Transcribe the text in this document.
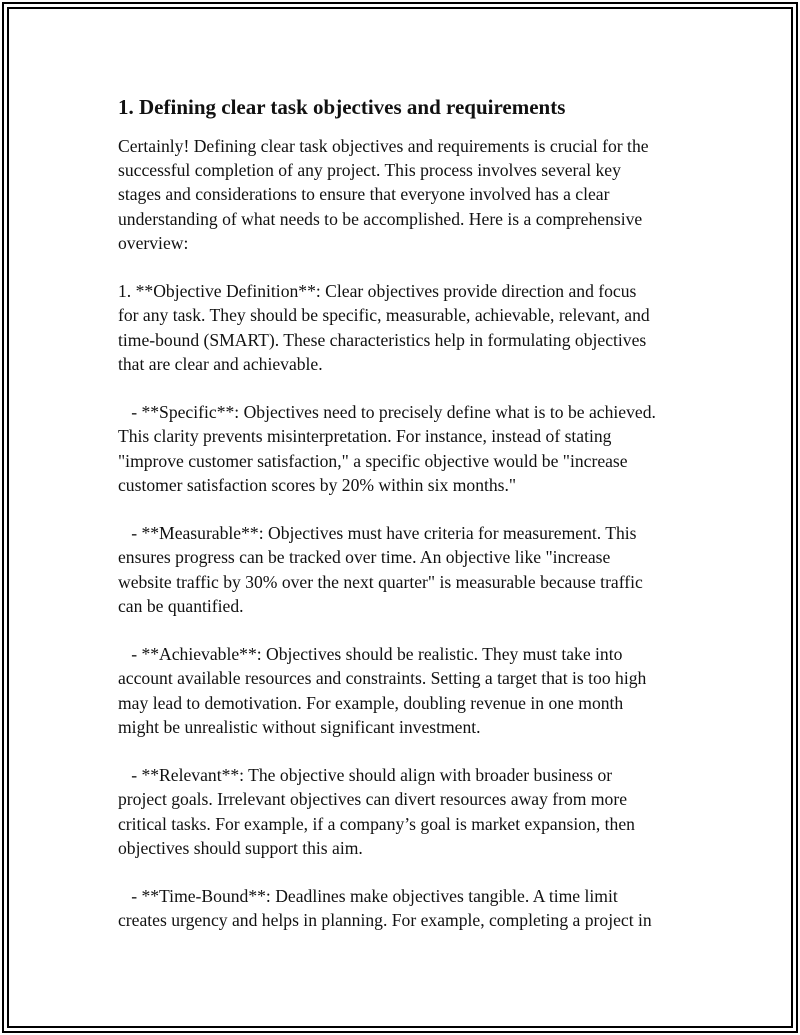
1. Defining clear task objectives and requirements
Certainly! Defining clear task objectives and requirements is crucial for the
successful completion of any project. This process involves several key
stages and considerations to ensure that everyone involved has a clear
understanding of what needs to be accomplished. Here is a comprehensive
overview:
1. **Objective Definition**: Clear objectives provide direction and focus
for any task. They should be specific, measurable, achievable, relevant, and
time-bound (SMART). These characteristics help in formulating objectives
that are clear and achievable.
- **Specific**: Objectives need to precisely define what is to be achieved.
This clarity prevents misinterpretation. For instance, instead of stating
"improve customer satisfaction," a specific objective would be "increase
customer satisfaction scores by 20% within six months."
- **Measurable**: Objectives must have criteria for measurement. This
ensures progress can be tracked over time. An objective like "increase
website traffic by 30% over the next quarter" is measurable because traffic
can be quantified.
- **Achievable**: Objectives should be realistic. They must take into
account available resources and constraints. Setting a target that is too high
may lead to demotivation. For example, doubling revenue in one month
might be unrealistic without significant investment.
- **Relevant**: The objective should align with broader business or
project goals. Irrelevant objectives can divert resources away from more
critical tasks. For example, if a company’s goal is market expansion, then
objectives should support this aim.
- **Time-Bound**: Deadlines make objectives tangible. A time limit
creates urgency and helps in planning. For example, completing a project in
